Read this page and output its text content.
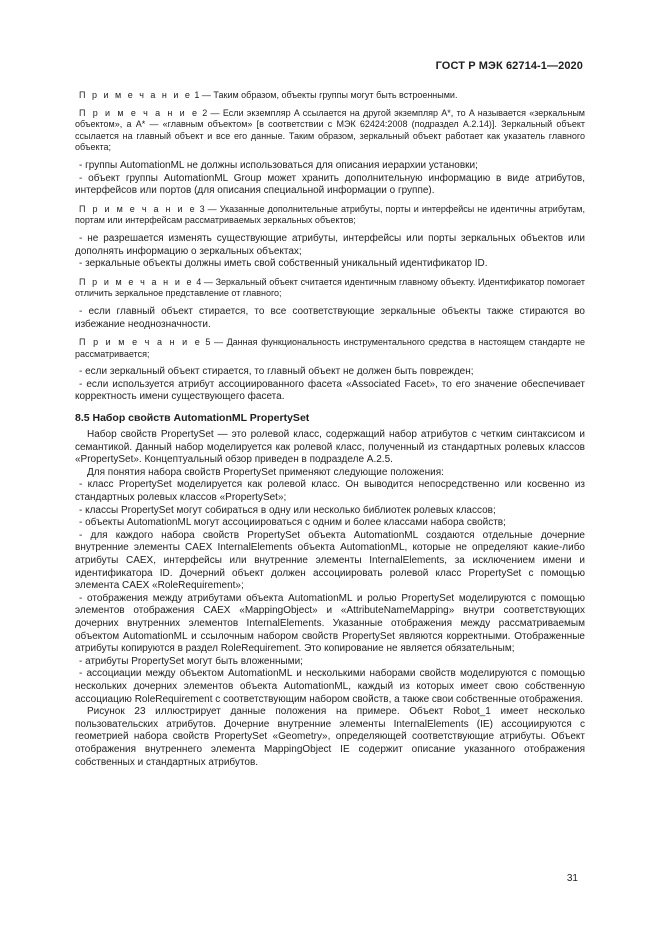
ГОСТ Р МЭК 62714-1—2020

П р и м е ч а н и е 1 — Таким образом, объекты группы могут быть встроенными.

П р и м е ч а н и е 2 — Если экземпляр A ссылается на другой экземпляр A*, то A называется «зеркальным объектом», а A* — «главным объектом» [в соответствии с МЭК 62424:2008 (подраздел А.2.14)]. Зеркальный объект ссылается на главный объект и все его данные. Таким образом, зеркальный объект работает как указатель главного объекта;

- группы AutomationML не должны использоваться для описания иерархии установки;

- объект группы AutomationML Group может хранить дополнительную информацию в виде атрибутов, интерфейсов или портов (для описания специальной информации о группе).

П р и м е ч а н и е 3 — Указанные дополнительные атрибуты, порты и интерфейсы не идентичны атрибутам, портам или интерфейсам рассматриваемых зеркальных объектов;

- не разрешается изменять существующие атрибуты, интерфейсы или порты зеркальных объектов или дополнять информацию о зеркальных объектах;

- зеркальные объекты должны иметь свой собственный уникальный идентификатор ID.

П р и м е ч а н и е 4 — Зеркальный объект считается идентичным главному объекту. Идентификатор помогает отличить зеркальное представление от главного;

- если главный объект стирается, то все соответствующие зеркальные объекты также стираются во избежание неоднозначности.

П р и м е ч а н и е 5 — Данная функциональность инструментального средства в настоящем стандарте не рассматривается;

- если зеркальный объект стирается, то главный объект не должен быть поврежден;

- если используется атрибут ассоциированного фасета «Associated Facet», то его значение обеспечивает корректность имени существующего фасета.

8.5 Набор свойств AutomationML PropertySet

Набор свойств PropertySet — это ролевой класс, содержащий набор атрибутов с четким синтаксисом и семантикой. Данный набор моделируется как ролевой класс, полученный из стандартных ролевых классов «PropertySet». Концептуальный обзор приведен в подразделе А.2.5.

Для понятия набора свойств PropertySet применяют следующие положения:

- класс PropertySet моделируется как ролевой класс. Он выводится непосредственно или косвенно из стандартных ролевых классов «PropertySet»;

- классы PropertySet могут собираться в одну или несколько библиотек ролевых классов;

- объекты AutomationML могут ассоциироваться с одним и более классами набора свойств;

- для каждого набора свойств PropertySet объекта AutomationML создаются отдельные дочерние внутренние элементы CAEX InternalElements объекта AutomationML, которые не определяют какие-либо атрибуты CAEX, интерфейсы или внутренние элементы InternalElements, за исключением имени и идентификатора ID. Дочерний объект должен ассоциировать ролевой класс PropertySet с помощью элемента CAEX «RoleRequirement»;

- отображения между атрибутами объекта AutomationML и ролью PropertySet моделируются с помощью элементов отображения CAEX «MappingObject» и «AttributeNameMapping» внутри соответствующих дочерних внутренних элементов InternalElements. Указанные отображения между рассматриваемым объектом AutomationML и ссылочным набором свойств PropertySet являются корректными. Отображенные атрибуты копируются в раздел RoleRequirement. Это копирование не является обязательным;

- атрибуты PropertySet могут быть вложенными;

- ассоциации между объектом AutomationML и несколькими наборами свойств моделируются с помощью нескольких дочерних элементов объекта AutomationML, каждый из которых имеет свою собственную ассоциацию RoleRequirement с соответствующим набором свойств, а также свои собственные отображения.

Рисунок 23 иллюстрирует данные положения на примере. Объект Robot_1 имеет несколько пользовательских атрибутов. Дочерние внутренние элементы InternalElements (IE) ассоциируются с геометрией набора свойств PropertySet «Geometry», определяющей соответствующие атрибуты. Объект отображения внутреннего элемента MappingObject IE содержит описание указанного отображения собственных и стандартных атрибутов.

31
